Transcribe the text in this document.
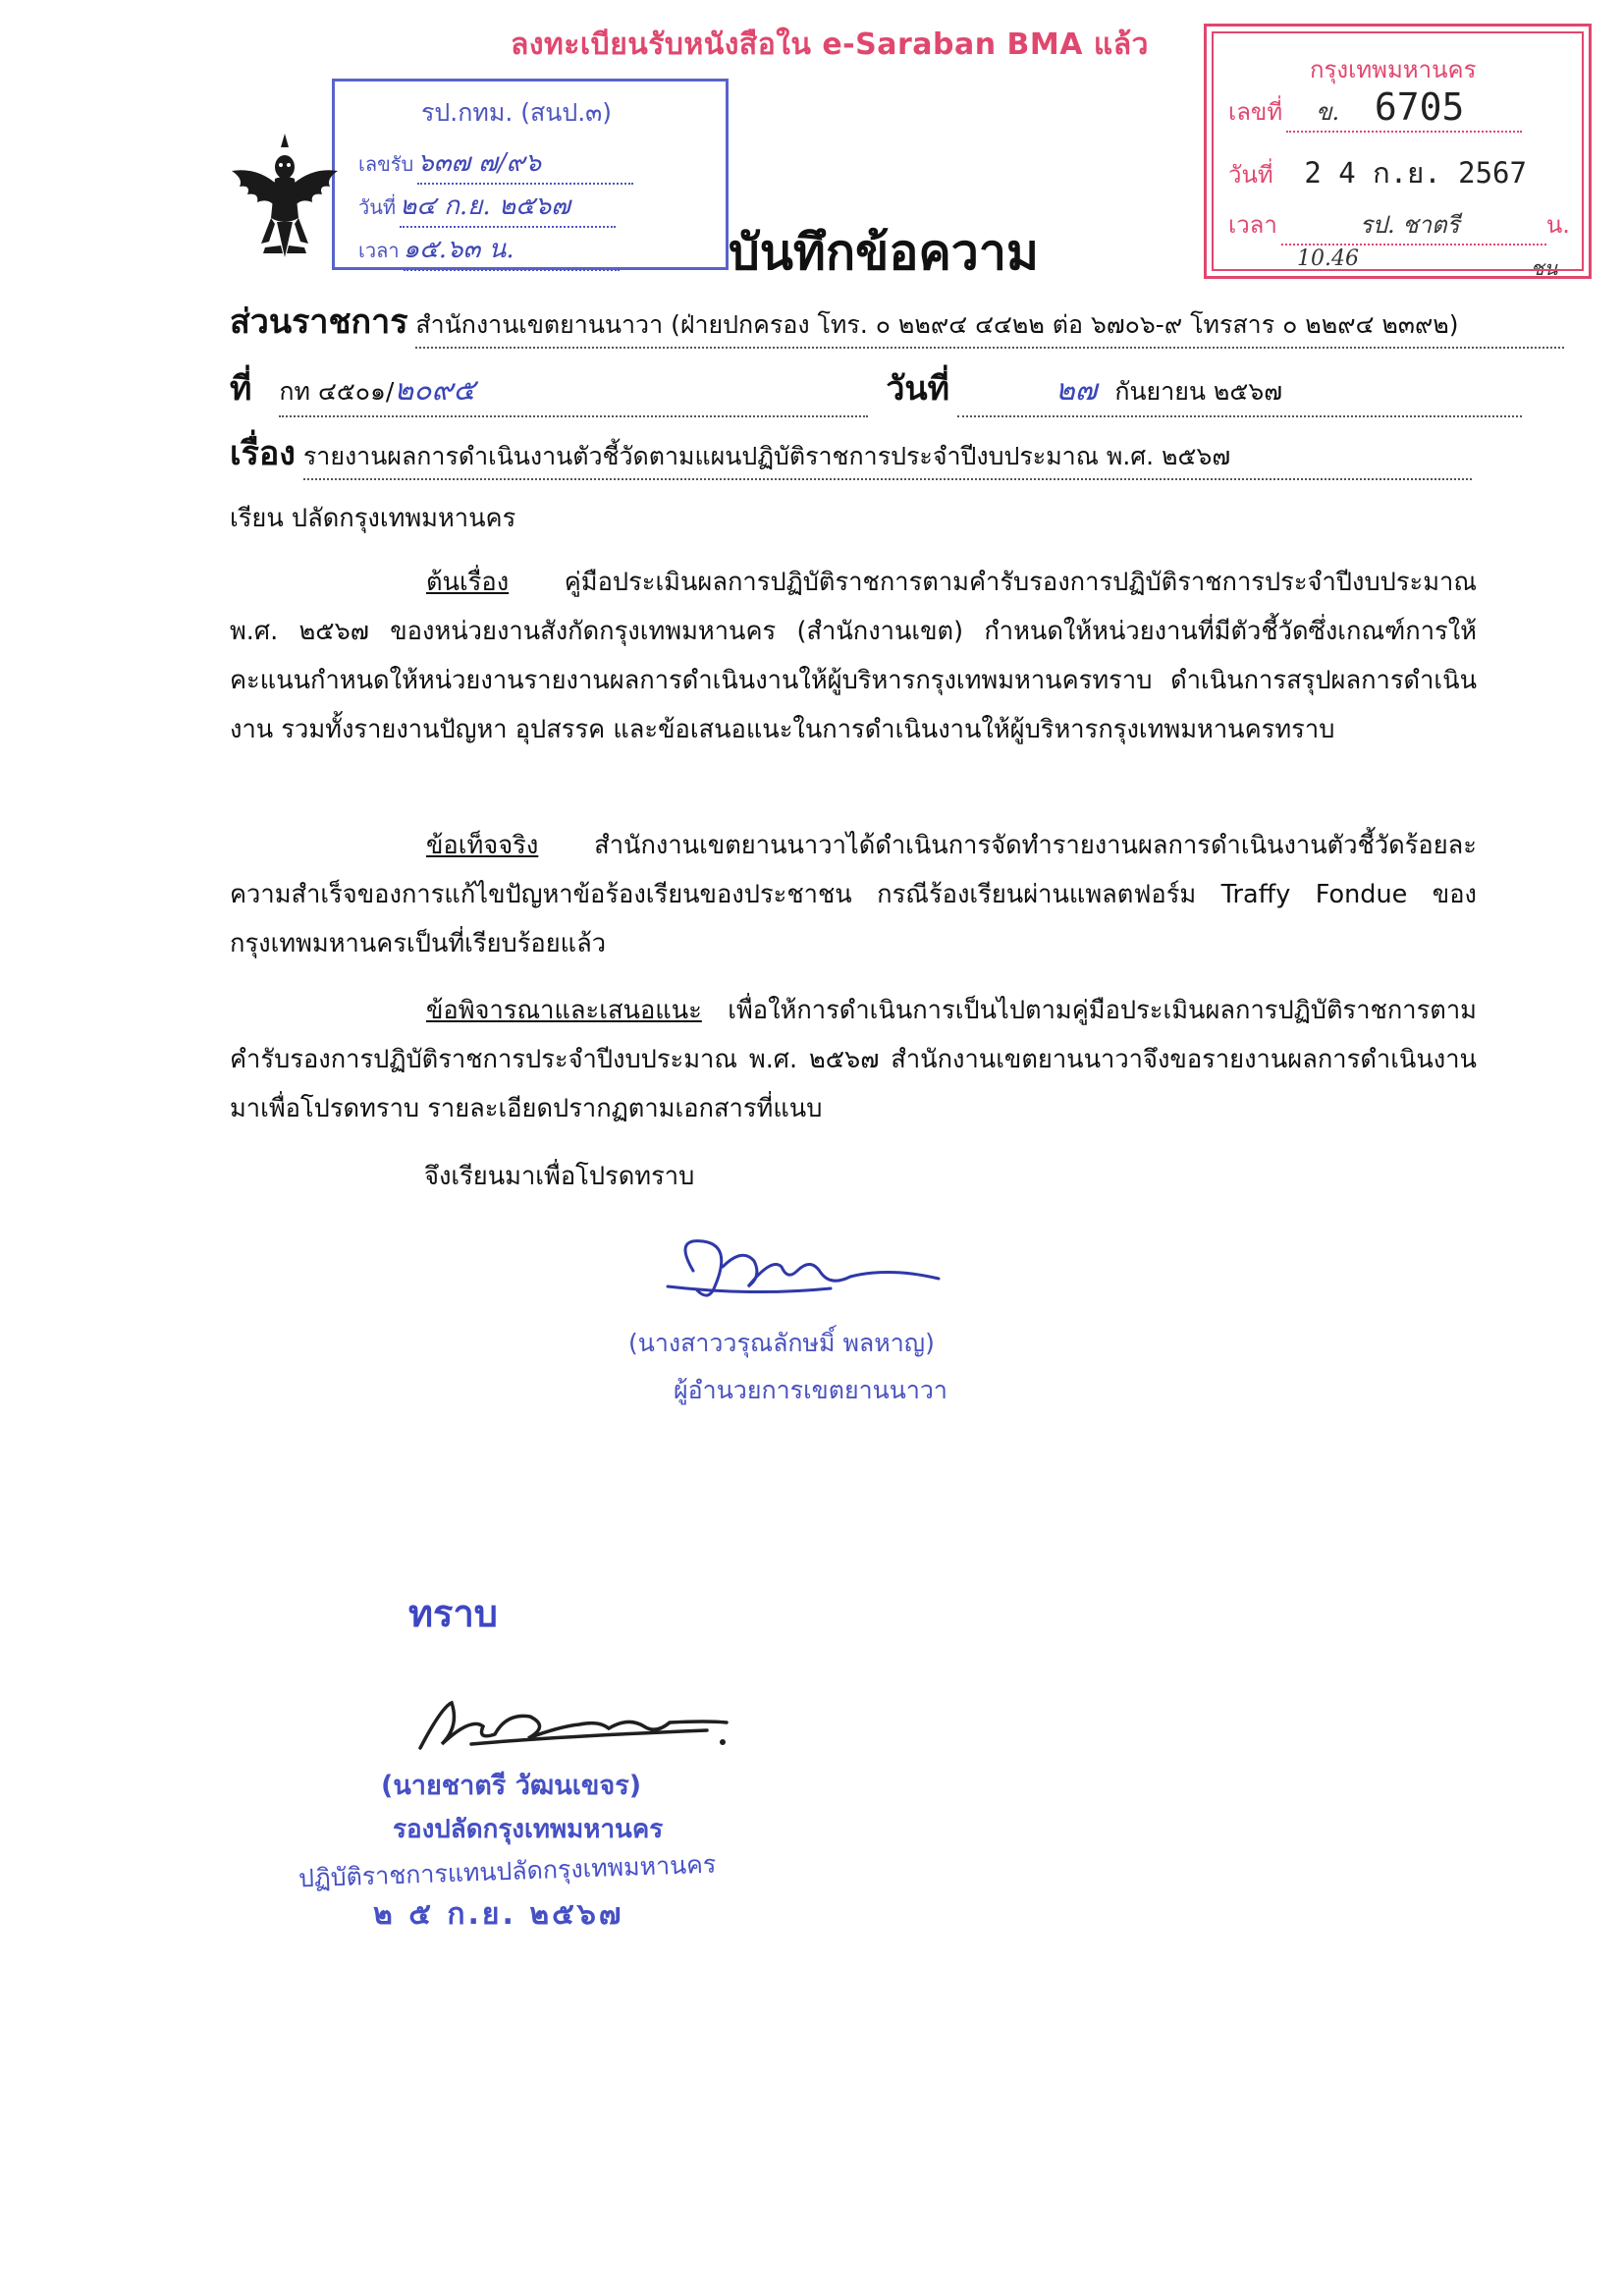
ลงทะเบียนรับหนังสือใน e-Saraban BMA แล้ว
รป.กทม. (สนป.๓)
เลขรับ ๖๓๗ ๗/๙๖
วันที่ ๒๔ ก.ย. ๒๕๖๗
เวลา ๑๕.๖๓ น.
กรุงเทพมหานคร
เลขที่ ข. 6705
วันที่ 2 4 ก.ย. 2567
เวลา	รป. ชาตรี	น.
10.46	ชน
บันทึกข้อความ
ส่วนราชการ สำนักงานเขตยานนาวา (ฝ่ายปกครอง โทร. ๐ ๒๒๙๔ ๔๔๒๒ ต่อ ๖๗๐๖-๙ โทรสาร ๐ ๒๒๙๔ ๒๓๙๒)
ที่ กท ๔๕๐๑/๒๐๙๕	วันที่	๒๗ กันยายน ๒๕๖๗
เรื่อง รายงานผลการดำเนินงานตัวชี้วัดตามแผนปฏิบัติราชการประจำปีงบประมาณ พ.ศ. ๒๕๖๗
เรียน ปลัดกรุงเทพมหานคร

ต้นเรื่อง คู่มือประเมินผลการปฏิบัติราชการตามคำรับรองการปฏิบัติราชการประจำปีงบประมาณ พ.ศ. ๒๕๖๗ ของหน่วยงานสังกัดกรุงเทพมหานคร (สำนักงานเขต) กำหนดให้หน่วยงานที่มีตัวชี้วัดซึ่งเกณฑ์การให้คะแนนกำหนดให้หน่วยงานรายงานผลการดำเนินงานให้ผู้บริหารกรุงเทพมหานครทราบ ดำเนินการสรุปผลการดำเนินงาน รวมทั้งรายงานปัญหา อุปสรรค และข้อเสนอแนะในการดำเนินงานให้ผู้บริหารกรุงเทพมหานครทราบ

ข้อเท็จจริง สำนักงานเขตยานนาวาได้ดำเนินการจัดทำรายงานผลการดำเนินงานตัวชี้วัดร้อยละความสำเร็จของการแก้ไขปัญหาข้อร้องเรียนของประชาชน กรณีร้องเรียนผ่านแพลตฟอร์ม Traffy Fondue ของกรุงเทพมหานครเป็นที่เรียบร้อยแล้ว

ข้อพิจารณาและเสนอแนะ เพื่อให้การดำเนินการเป็นไปตามคู่มือประเมินผลการปฏิบัติราชการตามคำรับรองการปฏิบัติราชการประจำปีงบประมาณ พ.ศ. ๒๕๖๗ สำนักงานเขตยานนาวาจึงขอรายงานผลการดำเนินงานมาเพื่อโปรดทราบ รายละเอียดปรากฏตามเอกสารที่แนบ

จึงเรียนมาเพื่อโปรดทราบ
(นางสาววรุณลักษมิ์ พลหาญ)
ผู้อำนวยการเขตยานนาวา
ทราบ
(นายชาตรี วัฒนเขจร)
รองปลัดกรุงเทพมหานคร
ปฏิบัติราชการแทนปลัดกรุงเทพมหานคร
๒ ๕ ก.ย. ๒๕๖๗
